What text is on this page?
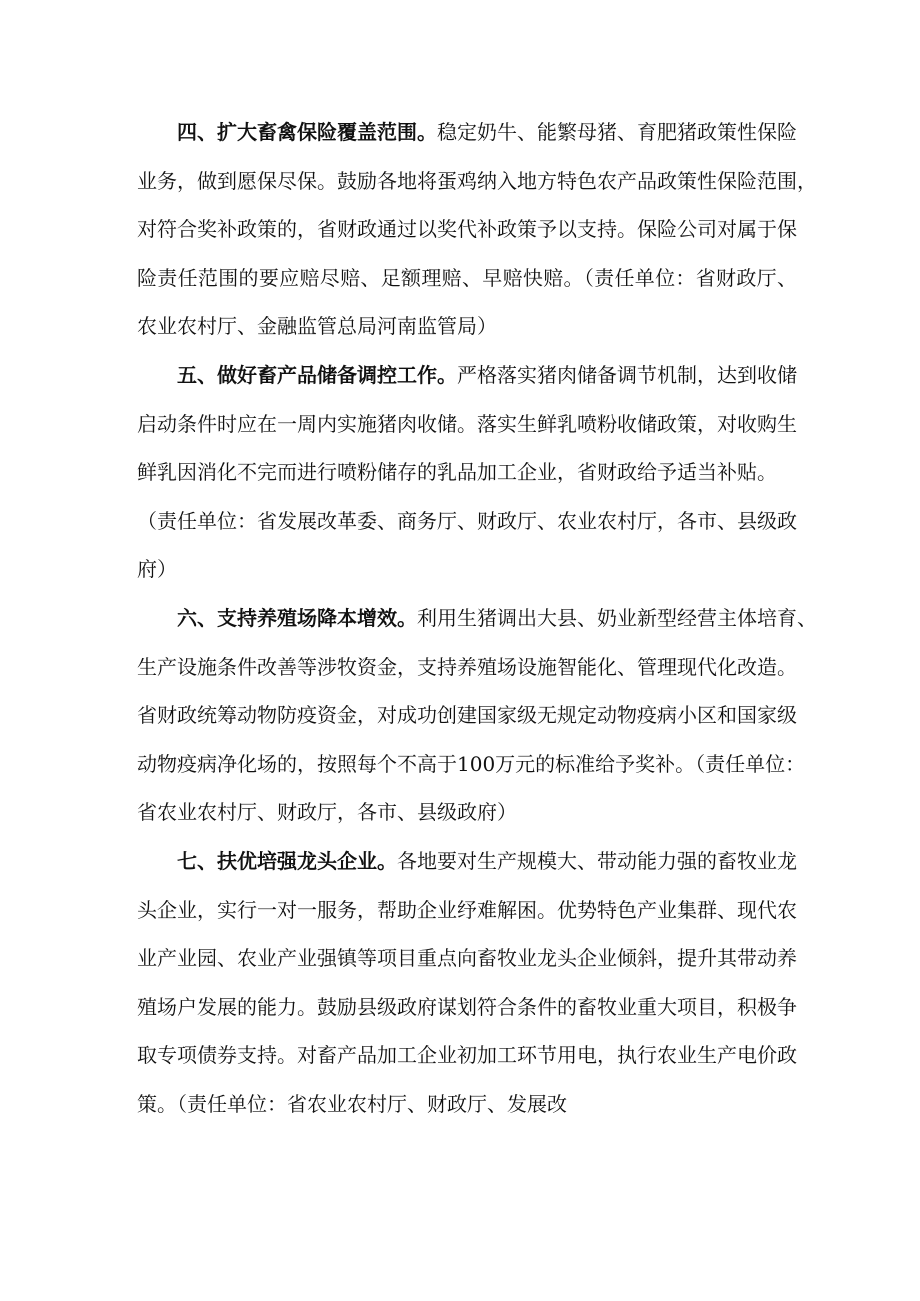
四、扩大畜禽保险覆盖范围。稳定奶牛、能繁母猪、育肥猪政策性保险
业务，做到愿保尽保。鼓励各地将蛋鸡纳入地方特色农产品政策性保险范围，
对符合奖补政策的，省财政通过以奖代补政策予以支持。保险公司对属于保
险责任范围的要应赔尽赔、足额理赔、早赔快赔。（责任单位：省财政厅、
农业农村厅、金融监管总局河南监管局）
五、做好畜产品储备调控工作。严格落实猪肉储备调节机制，达到收储
启动条件时应在一周内实施猪肉收储。落实生鲜乳喷粉收储政策，对收购生
鲜乳因消化不完而进行喷粉储存的乳品加工企业，省财政给予适当补贴。
（责任单位：省发展改革委、商务厅、财政厅、农业农村厅，各市、县级政
府）
六、支持养殖场降本增效。利用生猪调出大县、奶业新型经营主体培育、
生产设施条件改善等涉牧资金，支持养殖场设施智能化、管理现代化改造。
省财政统筹动物防疫资金，对成功创建国家级无规定动物疫病小区和国家级
动物疫病净化场的，按照每个不高于100万元的标准给予奖补。（责任单位：
省农业农村厅、财政厅，各市、县级政府）
七、扶优培强龙头企业。各地要对生产规模大、带动能力强的畜牧业龙
头企业，实行一对一服务，帮助企业纾难解困。优势特色产业集群、现代农
业产业园、农业产业强镇等项目重点向畜牧业龙头企业倾斜，提升其带动养
殖场户发展的能力。鼓励县级政府谋划符合条件的畜牧业重大项目，积极争
取专项债券支持。对畜产品加工企业初加工环节用电，执行农业生产电价政
策。（责任单位：省农业农村厅、财政厅、发展改
